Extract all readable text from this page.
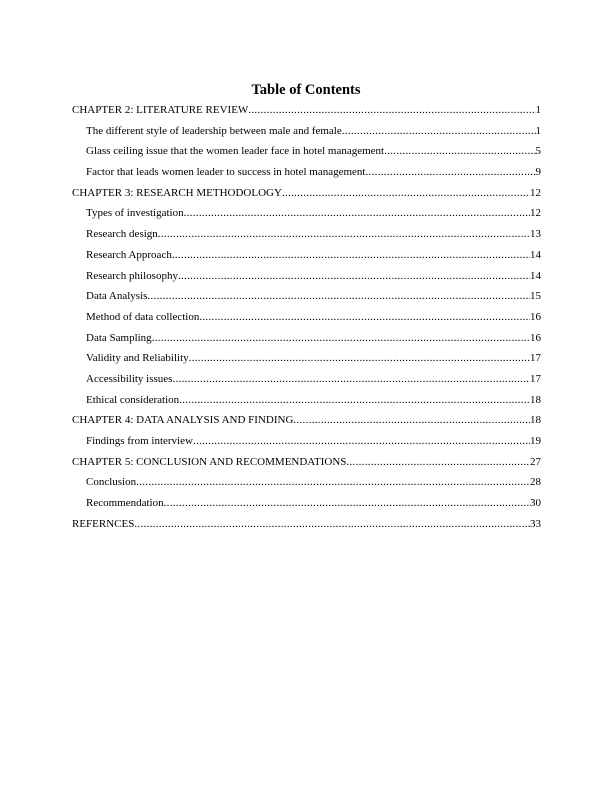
Table of Contents
CHAPTER 2: LITERATURE REVIEW .....	1
The different style of leadership between male and female .....	1
Glass ceiling issue that the women leader face in hotel management .....	5
Factor that leads women leader to success in hotel management .....	9
CHAPTER 3: RESEARCH METHODOLOGY .....	12
Types of investigation .....	12
Research design .....	13
Research Approach .....	14
Research philosophy .....	14
Data Analysis .....	15
Method of data collection .....	16
Data Sampling .....	16
Validity and Reliability .....	17
Accessibility issues .....	17
Ethical consideration .....	18
CHAPTER 4: DATA ANALYSIS AND FINDING .....	18
Findings from interview .....	19
CHAPTER 5: CONCLUSION AND RECOMMENDATIONS .....	27
Conclusion .....	28
Recommendation .....	30
REFERNCES .....	33
